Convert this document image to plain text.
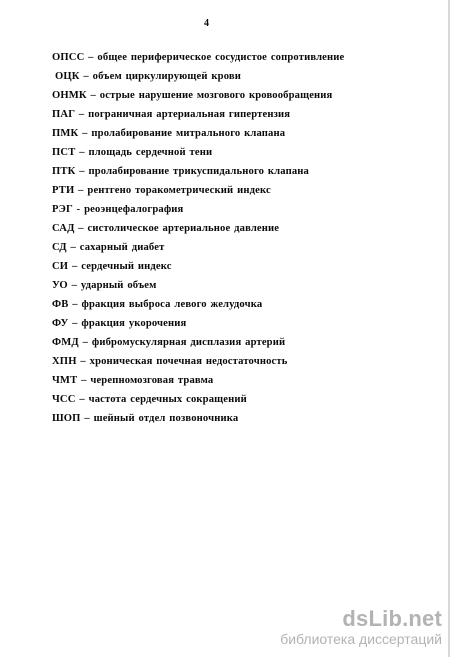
4
ОПСС – общее периферическое сосудистое сопротивление
ОЦК – объем циркулирующей крови
ОНМК – острые нарушение мозгового кровообращения
ПАГ – пограничная артериальная гипертензия
ПМК – пролабирование митрального клапана
ПСТ – площадь сердечной тени
ПТК – пролабирование трикуспидального клапана
РТИ – рентгено торакометрический индекс
РЭГ - реоэнцефалография
САД – систолическое артериальное давление
СД – сахарный диабет
СИ – сердечный индекс
УО – ударный объем
ФВ – фракция выброса левого желудочка
ФУ – фракция укорочения
ФМД – фибромускулярная дисплазия артерий
ХПН – хроническая почечная недостаточность
ЧМТ – черепномозговая травма
ЧСС – частота сердечных сокращений
ШОП – шейный отдел позвоночника
dsLib.net
библиотека диссертаций
